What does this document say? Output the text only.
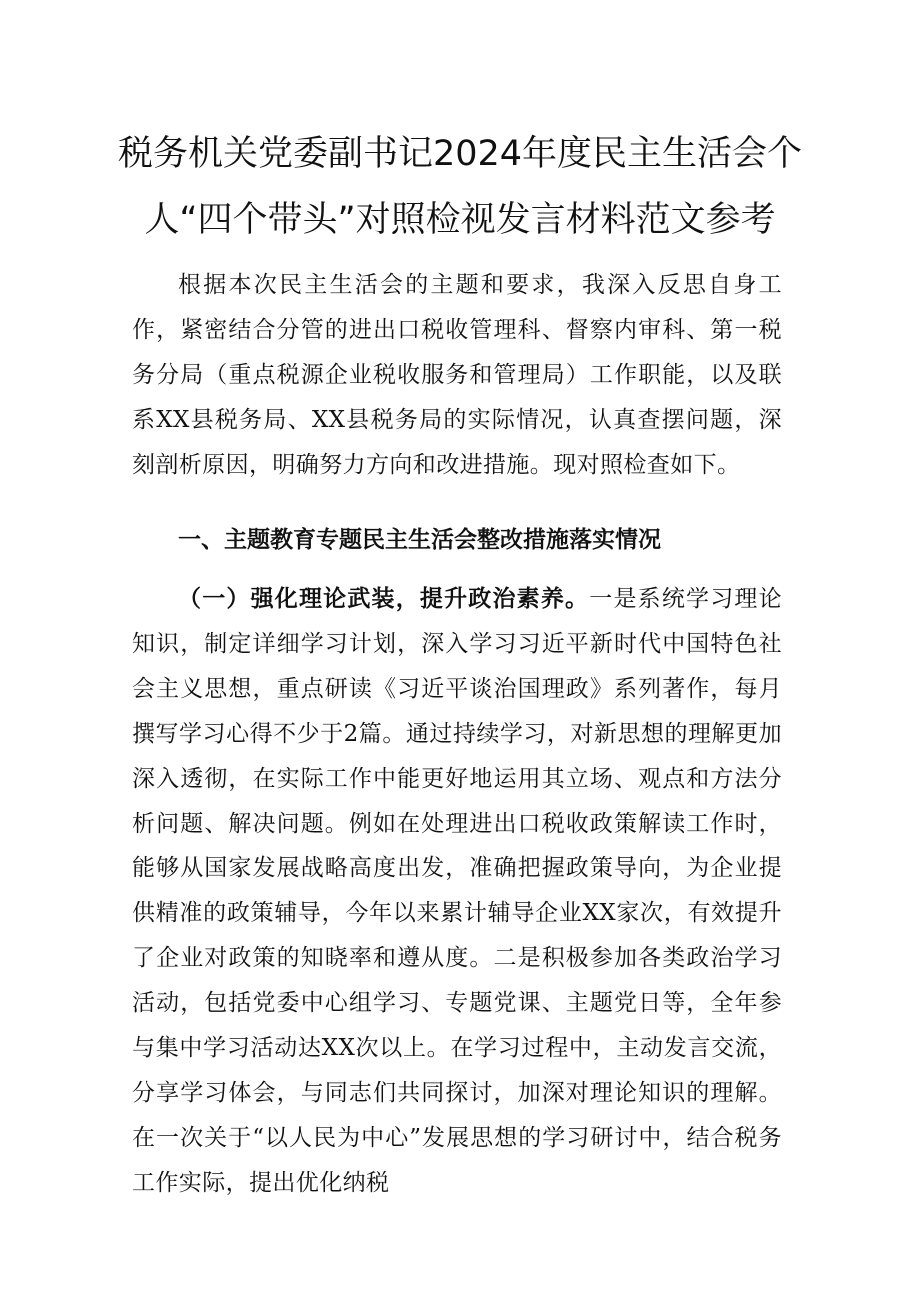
税务机关党委副书记2024年度民主生活会个
人“四个带头”对照检视发言材料范文参考

根据本次民主生活会的主题和要求，我深入反思自身工作，紧密结合分管的进出口税收管理科、督察内审科、第一税务分局（重点税源企业税收服务和管理局）工作职能，以及联系XX县税务局、XX县税务局的实际情况，认真查摆问题，深刻剖析原因，明确努力方向和改进措施。现对照检查如下。

一、主题教育专题民主生活会整改措施落实情况

（一）强化理论武装，提升政治素养。一是系统学习理论知识，制定详细学习计划，深入学习习近平新时代中国特色社会主义思想，重点研读《习近平谈治国理政》系列著作，每月撰写学习心得不少于2篇。通过持续学习，对新思想的理解更加深入透彻，在实际工作中能更好地运用其立场、观点和方法分析问题、解决问题。例如在处理进出口税收政策解读工作时，能够从国家发展战略高度出发，准确把握政策导向，为企业提供精准的政策辅导，今年以来累计辅导企业XX家次，有效提升了企业对政策的知晓率和遵从度。二是积极参加各类政治学习活动，包括党委中心组学习、专题党课、主题党日等，全年参与集中学习活动达XX次以上。在学习过程中，主动发言交流，分享学习体会，与同志们共同探讨，加深对理论知识的理解。在一次关于“以人民为中心”发展思想的学习研讨中，结合税务工作实际，提出优化纳税
